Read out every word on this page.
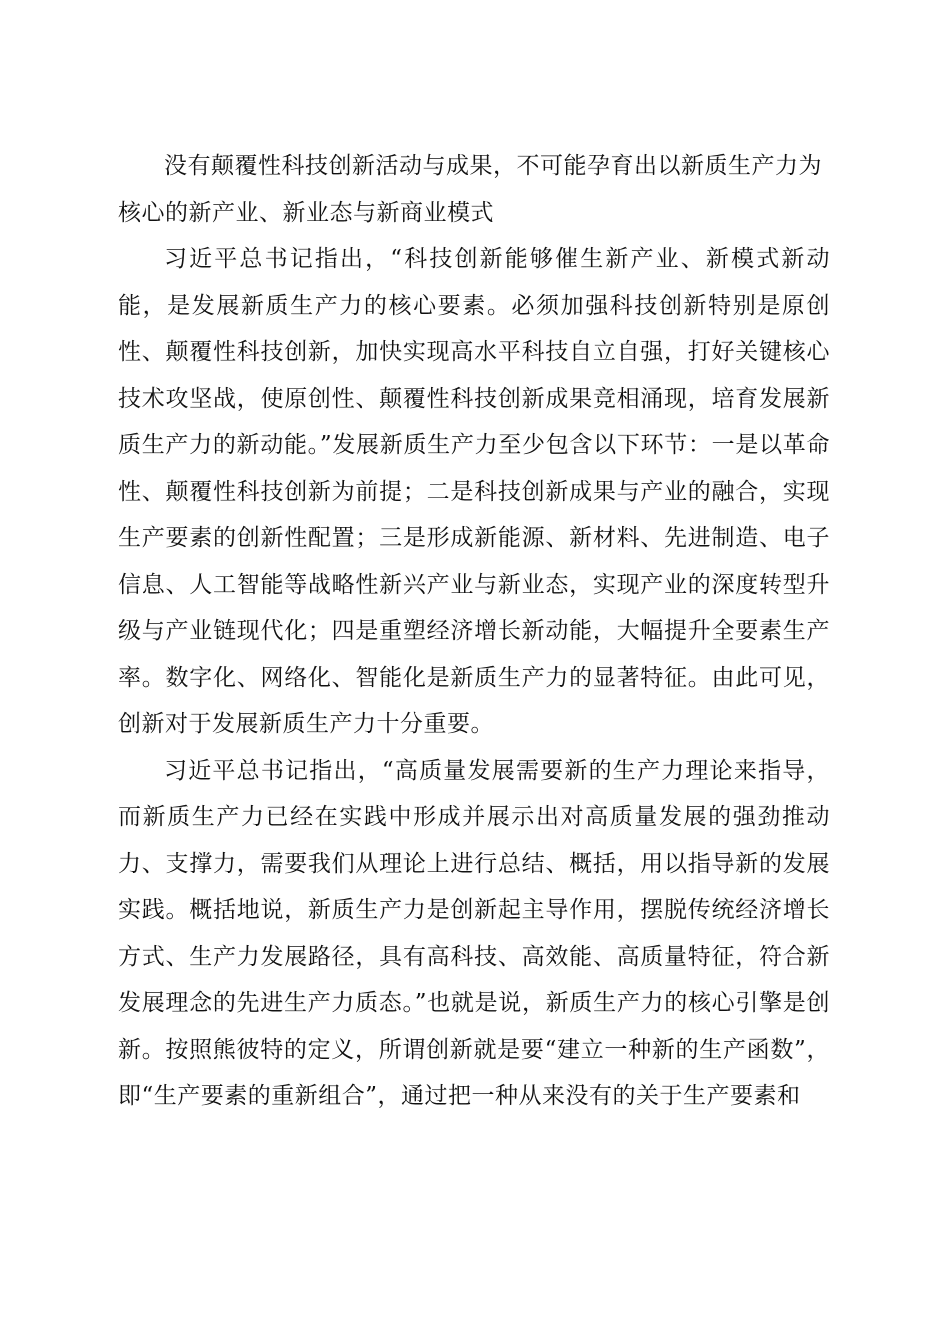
没有颠覆性科技创新活动与成果，不可能孕育出以新质生产力为核心的新产业、新业态与新商业模式

习近平总书记指出，“科技创新能够催生新产业、新模式新动能，是发展新质生产力的核心要素。必须加强科技创新特别是原创性、颠覆性科技创新，加快实现高水平科技自立自强，打好关键核心技术攻坚战，使原创性、颠覆性科技创新成果竞相涌现，培育发展新质生产力的新动能。”发展新质生产力至少包含以下环节：一是以革命性、颠覆性科技创新为前提；二是科技创新成果与产业的融合，实现生产要素的创新性配置；三是形成新能源、新材料、先进制造、电子信息、人工智能等战略性新兴产业与新业态，实现产业的深度转型升级与产业链现代化；四是重塑经济增长新动能，大幅提升全要素生产率。数字化、网络化、智能化是新质生产力的显著特征。由此可见，创新对于发展新质生产力十分重要。

习近平总书记指出，“高质量发展需要新的生产力理论来指导，而新质生产力已经在实践中形成并展示出对高质量发展的强劲推动力、支撑力，需要我们从理论上进行总结、概括，用以指导新的发展实践。概括地说，新质生产力是创新起主导作用，摆脱传统经济增长方式、生产力发展路径，具有高科技、高效能、高质量特征，符合新发展理念的先进生产力质态。”也就是说，新质生产力的核心引擎是创新。按照熊彼特的定义，所谓创新就是要“建立一种新的生产函数”，即“生产要素的重新组合”，通过把一种从来没有的关于生产要素和
